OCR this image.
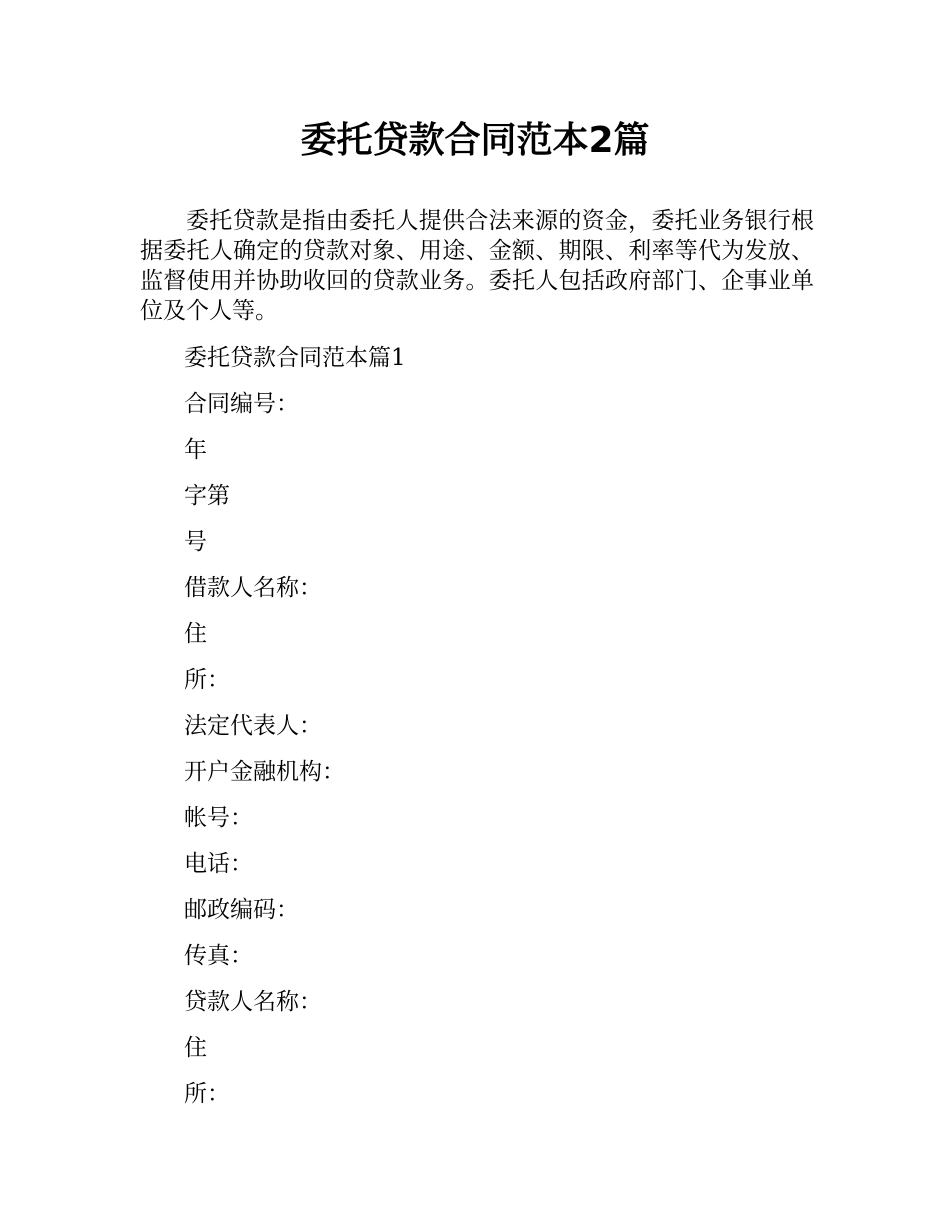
委托贷款合同范本2篇

委托贷款是指由委托人提供合法来源的资金，委托业务银行根据委托人确定的贷款对象、用途、金额、期限、利率等代为发放、监督使用并协助收回的贷款业务。委托人包括政府部门、企事业单位及个人等。

委托贷款合同范本篇1

合同编号：

年

字第

号

借款人名称：

住

所：

法定代表人：

开户金融机构：

帐号：

电话：

邮政编码：

传真：

贷款人名称：

住

所：
